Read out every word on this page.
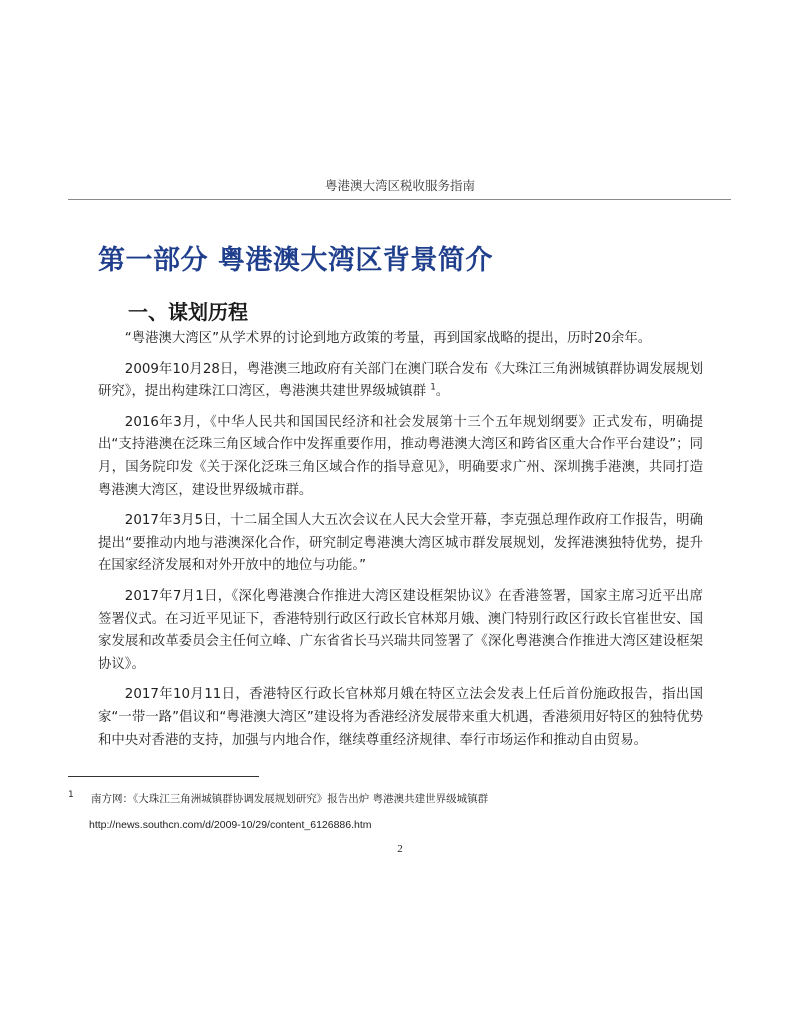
粤港澳大湾区税收服务指南
第一部分 粤港澳大湾区背景简介
一、谋划历程

“粤港澳大湾区”从学术界的讨论到地方政策的考量，再到国家战略的提出，历时20余年。

2009年10月28日，粤港澳三地政府有关部门在澳门联合发布《大珠江三角洲城镇群协调发展规划研究》，提出构建珠江口湾区，粤港澳共建世界级城镇群 $^1$。

2016年3月，《中华人民共和国国民经济和社会发展第十三个五年规划纲要》正式发布，明确提出“支持港澳在泛珠三角区域合作中发挥重要作用，推动粤港澳大湾区和跨省区重大合作平台建设”；同月，国务院印发《关于深化泛珠三角区域合作的指导意见》，明确要求广州、深圳携手港澳，共同打造粤港澳大湾区，建设世界级城市群。

2017年3月5日，十二届全国人大五次会议在人民大会堂开幕，李克强总理作政府工作报告，明确提出“要推动内地与港澳深化合作，研究制定粤港澳大湾区城市群发展规划，发挥港澳独特优势，提升在国家经济发展和对外开放中的地位与功能。”

2017年7月1日，《深化粤港澳合作推进大湾区建设框架协议》在香港签署，国家主席习近平出席签署仪式。在习近平见证下，香港特别行政区行政长官林郑月娥、澳门特别行政区行政长官崔世安、国家发展和改革委员会主任何立峰、广东省省长马兴瑞共同签署了《深化粤港澳合作推进大湾区建设框架协议》。

2017年10月11日，香港特区行政长官林郑月娥在特区立法会发表上任后首份施政报告，指出国家“一带一路”倡议和“粤港澳大湾区”建设将为香港经济发展带来重大机遇，香港须用好特区的独特优势和中央对香港的支持，加强与内地合作，继续尊重经济规律、奉行市场运作和推动自由贸易。

1 南方网：《大珠江三角洲城镇群协调发展规划研究》报告出炉 粤港澳共建世界级城镇群
http://news.southcn.com/d/2009-10/29/content_6126886.htm
2
